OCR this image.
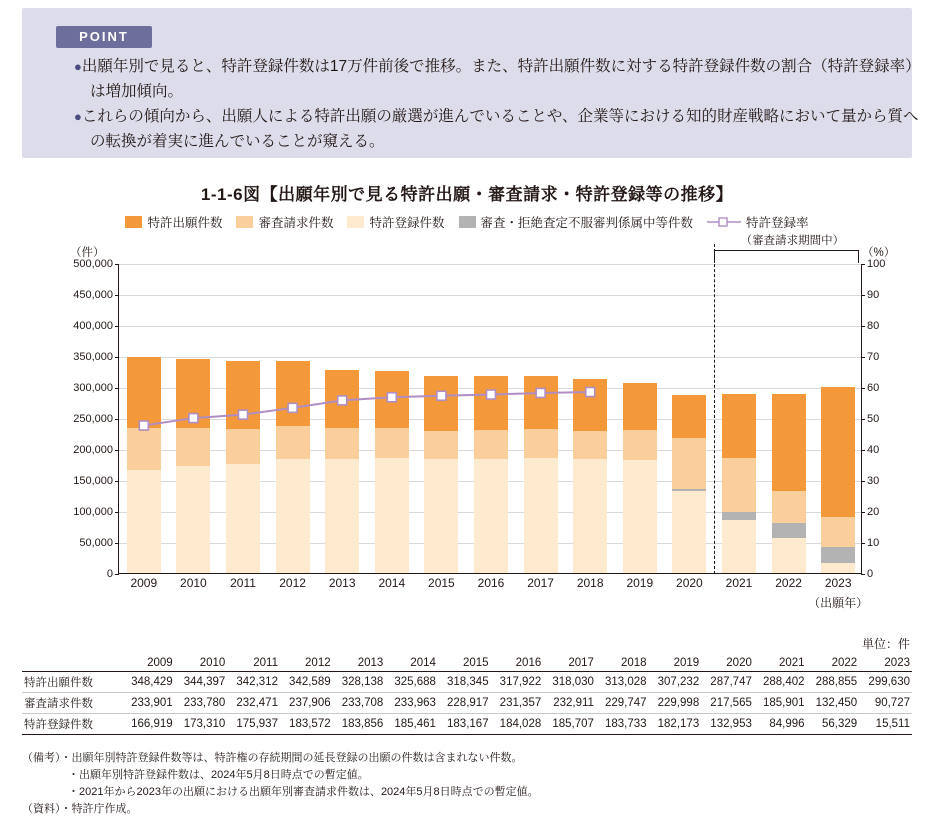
POINT
●出願年別で見ると、特許登録件数は17万件前後で推移。また、特許出願件数に対する特許登録件数の割合（特許登録率）は増加傾向。
●これらの傾向から、出願人による特許出願の厳選が進んでいることや、企業等における知的財産戦略において量から質への転換が着実に進んでいることが窺える。
1-1-6図【出願年別で見る特許出願・審査請求・特許登録等の推移】
特許出願件数	審査請求件数	特許登録件数	審査・拒絶査定不服審判係属中等件数	特許登録率
（件）	（%）
0	0
50,000	10
100,000	20
150,000	30
200,000	40
250,000	50
300,000	60
350,000	70
400,000	80
450,000	90
500,000	100
2009	2010	2011	2012	2013	2014	2015	2016	2017	2018	2019	2020	2021	2022	2023
（出願年）
（審査請求期間中）
単位：件
	2009	2010	2011	2012	2013	2014	2015	2016	2017	2018	2019	2020	2021	2022	2023
特許出願件数	348,429	344,397	342,312	342,589	328,138	325,688	318,345	317,922	318,030	313,028	307,232	287,747	288,402	288,855	299,630
審査請求件数	233,901	233,780	232,471	237,906	233,708	233,963	228,917	231,357	232,911	229,747	229,998	217,565	185,901	132,450	90,727
特許登録件数	166,919	173,310	175,937	183,572	183,856	185,461	183,167	184,028	185,707	183,733	182,173	132,953	84,996	56,329	15,511
（備考）・出願年別特許登録件数等は、特許権の存続期間の延長登録の出願の件数は含まれない件数。
・出願年別特許登録件数は、2024年5月8日時点での暫定値。
・2021年から2023年の出願における出願年別審査請求件数は、2024年5月8日時点での暫定値。
（資料）・特許庁作成。
